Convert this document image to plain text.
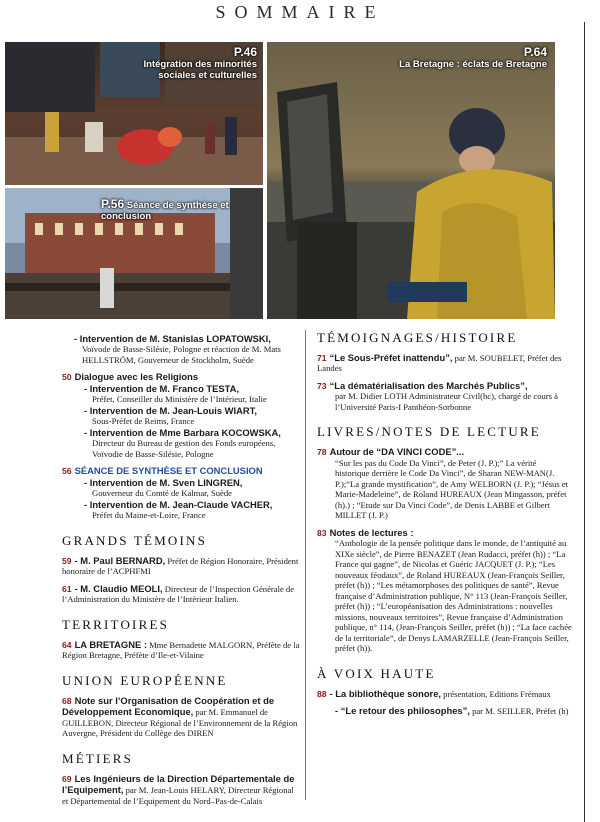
SOMMAIRE
P.46
Intégration des minorités sociales et culturelles
P.56 Séance de synthèse et conclusion
P.64
La Bretagne : éclats de Bretagne
- Intervention de M. Stanislas LOPATOWSKI,

Voïvode de Basse-Silésie, Pologne et réaction de M. Mats HELLSTRÖM, Gouverneur de Stockholm, Suède
50 Dialogue avec les Religions
- Intervention de M. Franco TESTA,

Préfet, Conseiller du Ministère de l’Intérieur, Italie
- Intervention de M. Jean-Louis WIART,

Sous-Préfet de Reims, France
- Intervention de Mme Barbara KOCOWSKA,

Directeur du Bureau de gestion des Fonds européens, Voïvodie de Basse-Silésie, Pologne
56 SÉANCE DE SYNTHÈSE ET CONCLUSION
- Intervention de M. Sven LINGREN,

Gouverneur du Comté de Kalmar, Suède
- Intervention de M. Jean-Claude VACHER,

Préfet du Maine-et-Loire, France
GRANDS TÉMOINS
59 - M. Paul BERNARD, Préfet de Région Honoraire, Président honoraire de l’ACPHFMI
61 - M. Claudio MEOLI, Directeur de l’Inspection Générale de l’Administration du Ministère de l’Intérieur Italien.
TERRITOIRES
64 LA BRETAGNE : Mme Bernadette MALGORN, Préfète de la Région Bretagne, Préfète d’Ile-et-Vilaine
UNION EUROPÉENNE
68 Note sur l’Organisation de Coopération et de Développement Economique, par M. Emmanuel de GUILLEBON, Directeur Régional de l’Environnement de la Région Auvergne, Président du Collège des DIREN
MÉTIERS
69 Les Ingénieurs de la Direction Départementale de l’Equipement, par M. Jean-Louis HELARY, Directeur Régional et Départemental de l’Equipement du Nord–Pas-de-Calais
TÉMOIGNAGES/HISTOIRE
71 “Le Sous-Préfet inattendu”, par M. SOUBELET, Préfet des Landes
73 “La dématérialisation des Marchés Publics”,

par M. Didier LOTH Administrateur Civil(hc), chargé de cours à l’Université Paris-I Panthéon-Sorbonne
LIVRES/NOTES DE LECTURE
78 Autour de “DA VINCI CODE”...

“Sur les pas du Code Da Vinci”, de Peter (J. P.);” La vérité historique derrière le Code Da Vinci”, de Sharan NEW-MAN(J. P.);“La grande mystification”, de Amy WELBORN (J. P.); “Jésus et Marie-Madeleine”, de Roland HUREAUX (Jean Mingasson, préfet (h).) ; “Etude sur Da Vinci Code”, de Denis LABBE et Gilbert MILLET (J. P.)
83 Notes de lectures :

“Anthologie de la pensée politique dans le monde, de l’antiquité au XIXe siècle”, de Pierre BENAZET (Jean Rudacci, préfet (h)) ; “La France qui gagne”, de Nicolas et Guéric JACQUET (J. P.); “Les nouveaux féodaux”, de Roland HUREAUX (Jean-François Seiller, préfet (h)) ; “Les métamorphoses des politiques de santé”, Revue française d’Administration publique, N° 113 (Jean-François Seiller, préfet (h)) ; “L’européanisation des Administrations : nouvelles missions, nouveaux territoires”, Revue française d’Administration publique, n° 114, (Jean-François Seiller, préfet (h)) ; “La face cachée de la territoriale”, de Denys LAMARZELLE (Jean-François Seiller, préfet (h)).
À VOIX HAUTE
88 - La bibliothèque sonore, présentation, Editions Frémaux
- “Le retour des philosophes”, par M. SEILLER, Préfet (h)
